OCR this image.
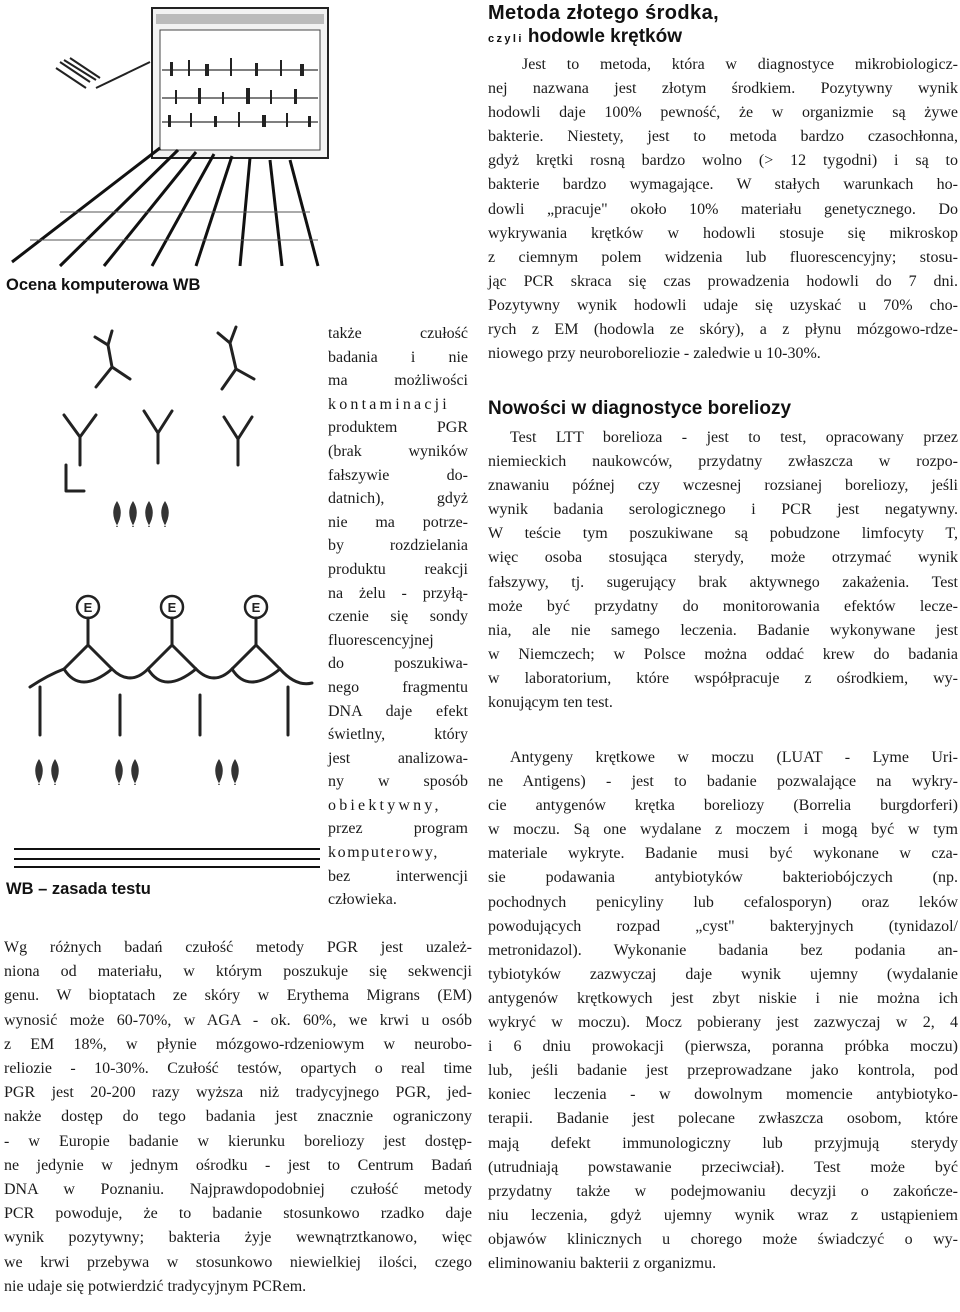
Ocena komputerowa WB
E	E	E
WB – zasada testu
także czułość
badania i nie
ma możliwości
kontaminacji
produktem PGR
(brak wyników
fałszywie do-
datnich), gdyż
nie ma potrze-
by rozdzielania
produktu reakcji
na żelu - przyłą-
czenie się sondy
fluorescencyjnej
do poszukiwa-
nego fragmentu
DNA daje efekt
świetlny, który
jest analizowa-
ny w sposób
obiektywny,
przez program
komputerowy,
bez interwencji
człowieka.
Wg różnych badań czułość metody PGR jest uzależ-
niona od materiału, w którym poszukuje się sekwencji
genu. W bioptatach ze skóry w Erythema Migrans (EM)
wynosić może 60-70%, w AGA - ok. 60%, we krwi u osób
z EM 18%, w płynie mózgowo-rdzeniowym w neurobo-
reliozie - 10-30%. Czułość testów, opartych o real time
PGR jest 20-200 razy wyższa niż tradycyjnego PGR, jed-
nakże dostęp do tego badania jest znacznie ograniczony
- w Europie badanie w kierunku boreliozy jest dostęp-
ne jedynie w jednym ośrodku - jest to Centrum Badań
DNA w Poznaniu. Najprawdopodobniej czułość metody
PCR powoduje, że to badanie stosunkowo rzadko daje
wynik pozytywny; bakteria żyje wewnątrztkanowo, więc
we krwi przebywa w stosunkowo niewielkiej ilości, czego
nie udaje się potwierdzić tradycyjnym PCRem.
Metoda złotego środka,
czyli hodowle krętków
Jest to metoda, która w diagnostyce mikrobiologicz-
nej nazwana jest złotym środkiem. Pozytywny wynik
hodowli daje 100% pewność, że w organizmie są żywe
bakterie. Niestety, jest to metoda bardzo czasochłonna,
gdyż krętki rosną bardzo wolno (> 12 tygodni) i są to
bakterie bardzo wymagające. W stałych warunkach ho-
dowli „pracuje" około 10% materiału genetycznego. Do
wykrywania krętków w hodowli stosuje się mikroskop
z ciemnym polem widzenia lub fluorescencyjny; stosu-
jąc PCR skraca się czas prowadzenia hodowli do 7 dni.
Pozytywny wynik hodowli udaje się uzyskać u 70% cho-
rych z EM (hodowla ze skóry), a z płynu mózgowo-rdze-
niowego przy neuroboreliozie - zaledwie u 10-30%.
Nowości w diagnostyce boreliozy
Test LTT borelioza - jest to test, opracowany przez
niemieckich naukowców, przydatny zwłaszcza w rozpo-
znawaniu późnej czy wczesnej rozsianej boreliozy, jeśli
wynik badania serologicznego i PCR jest negatywny.
W teście tym poszukiwane są pobudzone limfocyty T,
więc osoba stosująca sterydy, może otrzymać wynik
fałszywy, tj. sugerujący brak aktywnego zakażenia. Test
może być przydatny do monitorowania efektów lecze-
nia, ale nie samego leczenia. Badanie wykonywane jest
w Niemczech; w Polsce można oddać krew do badania
w laboratorium, które współpracuje z ośrodkiem, wy-
konującym ten test.
Antygeny krętkowe w moczu (LUAT - Lyme Uri-
ne Antigens) - jest to badanie pozwalające na wykry-
cie antygenów krętka boreliozy (Borrelia burgdorferi)
w moczu. Są one wydalane z moczem i mogą być w tym
materiale wykryte. Badanie musi być wykonane w cza-
sie podawania antybiotyków bakteriobójczych (np.
pochodnych penicyliny lub cefalosporyn) oraz leków
powodujących rozpad „cyst" bakteryjnych (tynidazol/
metronidazol). Wykonanie badania bez podania an-
tybiotyków zazwyczaj daje wynik ujemny (wydalanie
antygenów krętkowych jest zbyt niskie i nie można ich
wykryć w moczu). Mocz pobierany jest zazwyczaj w 2, 4
i 6 dniu prowokacji (pierwsza, poranna próbka moczu)
lub, jeśli badanie jest przeprowadzane jako kontrola, pod
koniec leczenia - w dowolnym momencie antybiotyko-
terapii. Badanie jest polecane zwłaszcza osobom, które
mają defekt immunologiczny lub przyjmują sterydy
(utrudniają powstawanie przeciwciał). Test może być
przydatny także w podejmowaniu decyzji o zakończe-
niu leczenia, gdyż ujemny wynik wraz z ustąpieniem
objawów klinicznych u chorego może świadczyć o wy-
eliminowaniu bakterii z organizmu.
